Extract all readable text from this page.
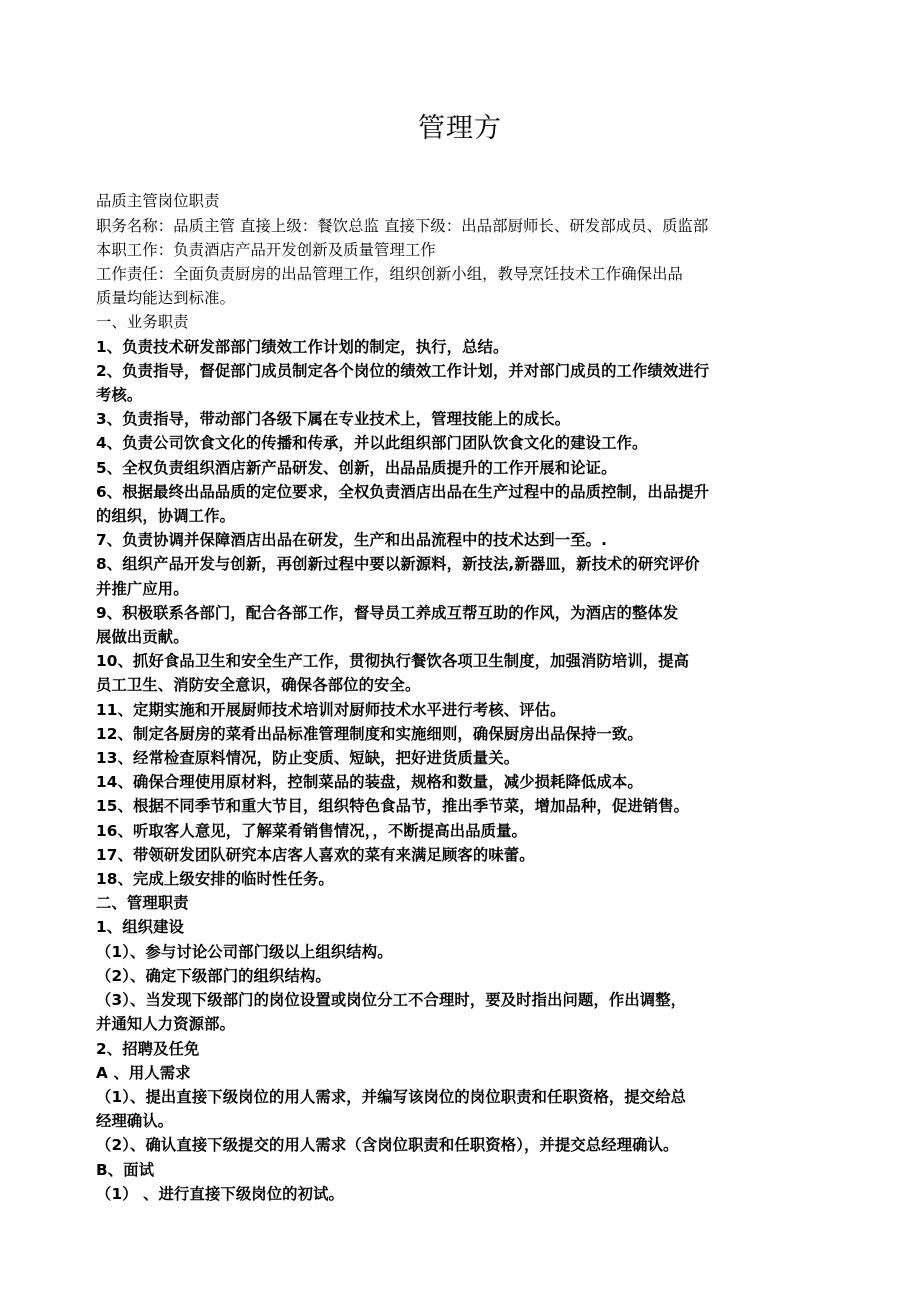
管理方

品质主管岗位职责

职务名称：品质主管 直接上级：餐饮总监 直接下级：出品部厨师长、研发部成员、质监部

本职工作：负责酒店产品开发创新及质量管理工作

工作责任：全面负责厨房的出品管理工作，组织创新小组，教导烹饪技术工作确保出品

质量均能达到标准。

一、业务职责

1、负责技术研发部部门绩效工作计划的制定，执行，总结。

2、负责指导，督促部门成员制定各个岗位的绩效工作计划，并对部门成员的工作绩效进行

考核。

3、负责指导，带动部门各级下属在专业技术上，管理技能上的成长。

4、负责公司饮食文化的传播和传承，并以此组织部门团队饮食文化的建设工作。

5、全权负责组织酒店新产品研发、创新，出品品质提升的工作开展和论证。

6、根据最终出品品质的定位要求，全权负责酒店出品在生产过程中的品质控制，出品提升

的组织，协调工作。

7、负责协调并保障酒店出品在研发，生产和出品流程中的技术达到一至。.

8、组织产品开发与创新，再创新过程中要以新源料，新技法,新器皿，新技术的研究评价

并推广应用。

9、积极联系各部门，配合各部工作，督导员工养成互帮互助的作风，为酒店的整体发

展做出贡献。

10、抓好食品卫生和安全生产工作，贯彻执行餐饮各项卫生制度，加强消防培训，提高

员工卫生、消防安全意识，确保各部位的安全。

11、定期实施和开展厨师技术培训对厨师技术水平进行考核、评估。

12、制定各厨房的菜肴出品标准管理制度和实施细则，确保厨房出品保持一致。

13、经常检查原料情况，防止变质、短缺，把好进货质量关。

14、确保合理使用原材料，控制菜品的装盘，规格和数量，减少损耗降低成本。

15、根据不同季节和重大节目，组织特色食品节，推出季节菜，增加品种，促进销售。

16、听取客人意见，了解菜肴销售情况，，不断提高出品质量。

17、带领研发团队研究本店客人喜欢的菜有来满足顾客的味蕾。

18、完成上级安排的临时性任务。

二、管理职责

1、组织建设

（1）、参与讨论公司部门级以上组织结构。

（2）、确定下级部门的组织结构。

（3）、当发现下级部门的岗位设置或岗位分工不合理时，要及时指出问题，作出调整，

并通知人力资源部。

2、招聘及任免

A 、用人需求

（1）、提出直接下级岗位的用人需求，并编写该岗位的岗位职责和任职资格，提交给总

经理确认。

（2）、确认直接下级提交的用人需求（含岗位职责和任职资格），并提交总经理确认。

B、面试

（1） 、进行直接下级岗位的初试。
